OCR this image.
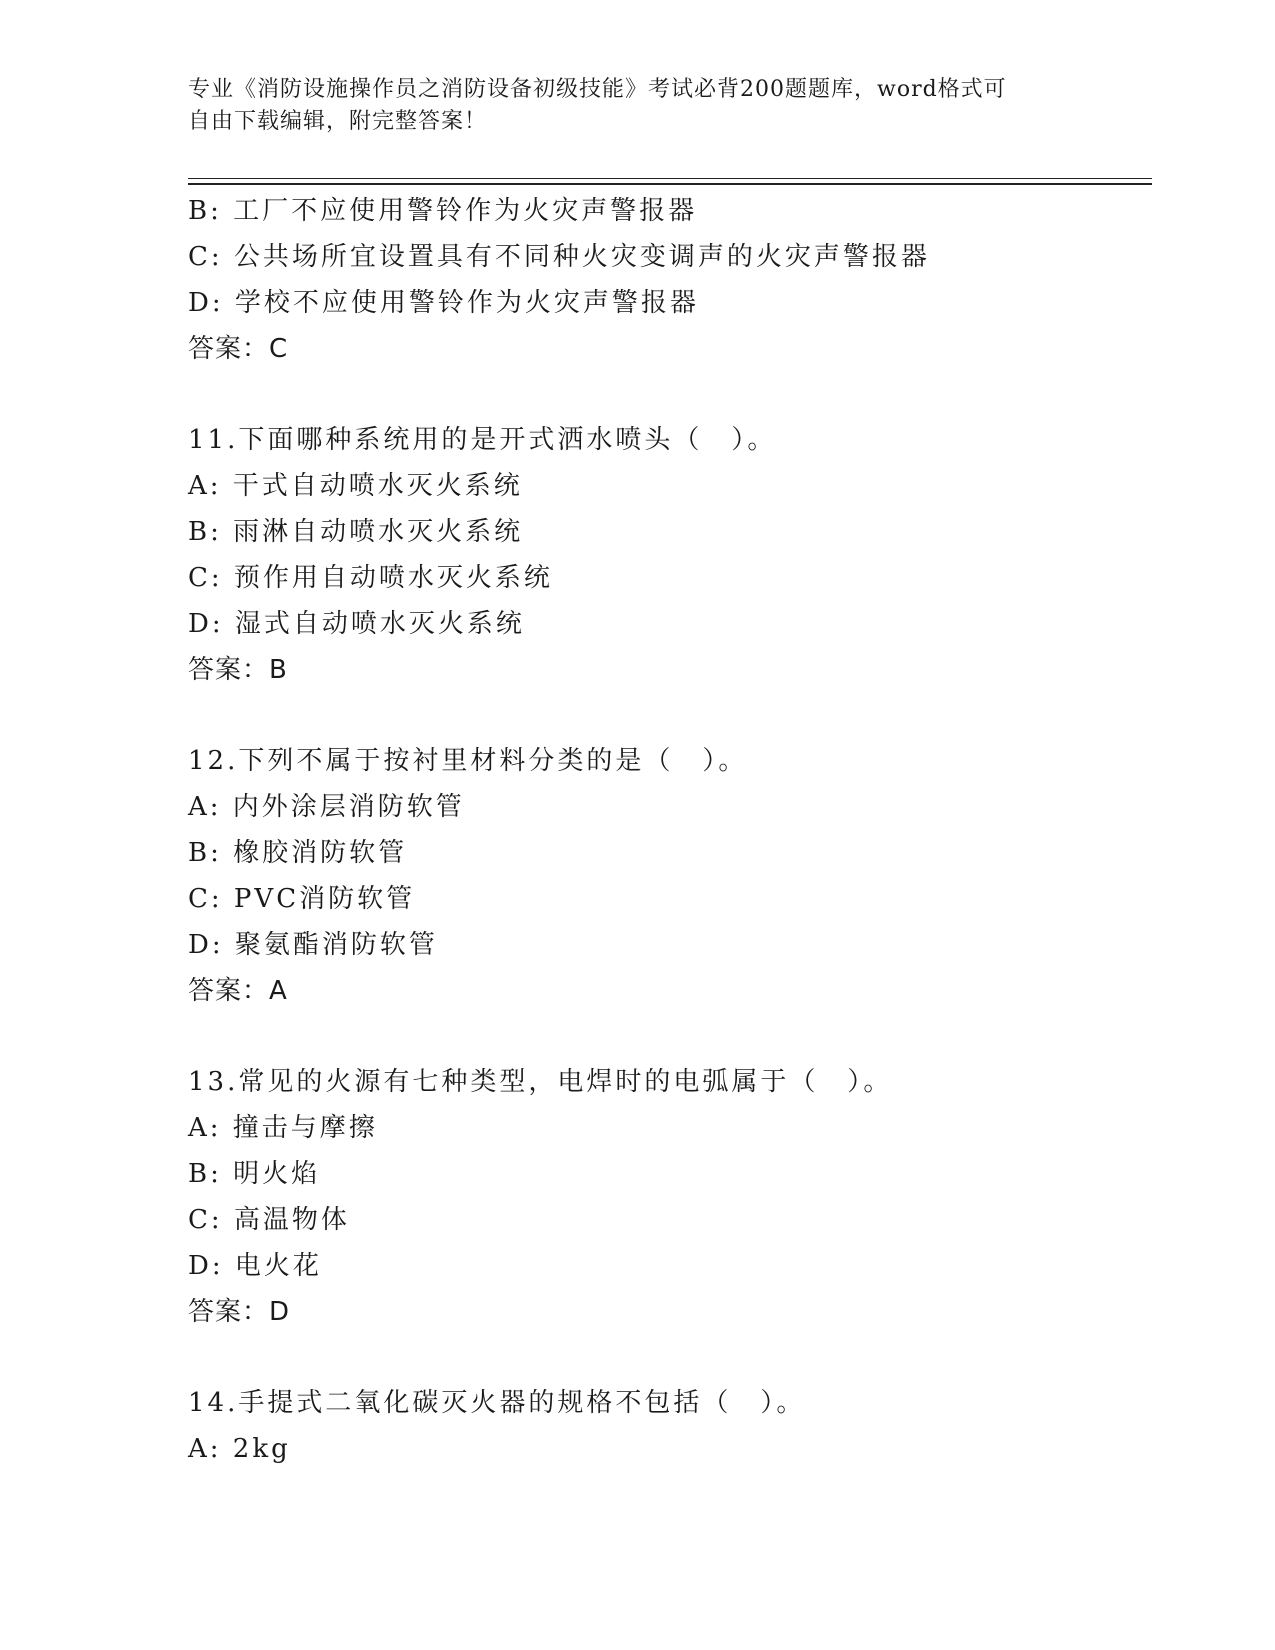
专业《消防设施操作员之消防设备初级技能》考试必背200题题库，word格式可
自由下载编辑，附完整答案！
B: 工厂不应使用警铃作为火灾声警报器
C: 公共场所宜设置具有不同种火灾变调声的火灾声警报器
D: 学校不应使用警铃作为火灾声警报器
答案：C
11.下面哪种系统用的是开式洒水喷头（　）。
A: 干式自动喷水灭火系统
B: 雨淋自动喷水灭火系统
C: 预作用自动喷水灭火系统
D: 湿式自动喷水灭火系统
答案：B
12.下列不属于按衬里材料分类的是（　）。
A: 内外涂层消防软管
B: 橡胶消防软管
C: PVC消防软管
D: 聚氨酯消防软管
答案：A
13.常见的火源有七种类型，电焊时的电弧属于（　）。
A: 撞击与摩擦
B: 明火焰
C: 高温物体
D: 电火花
答案：D
14.手提式二氧化碳灭火器的规格不包括（　）。
A: 2kg
